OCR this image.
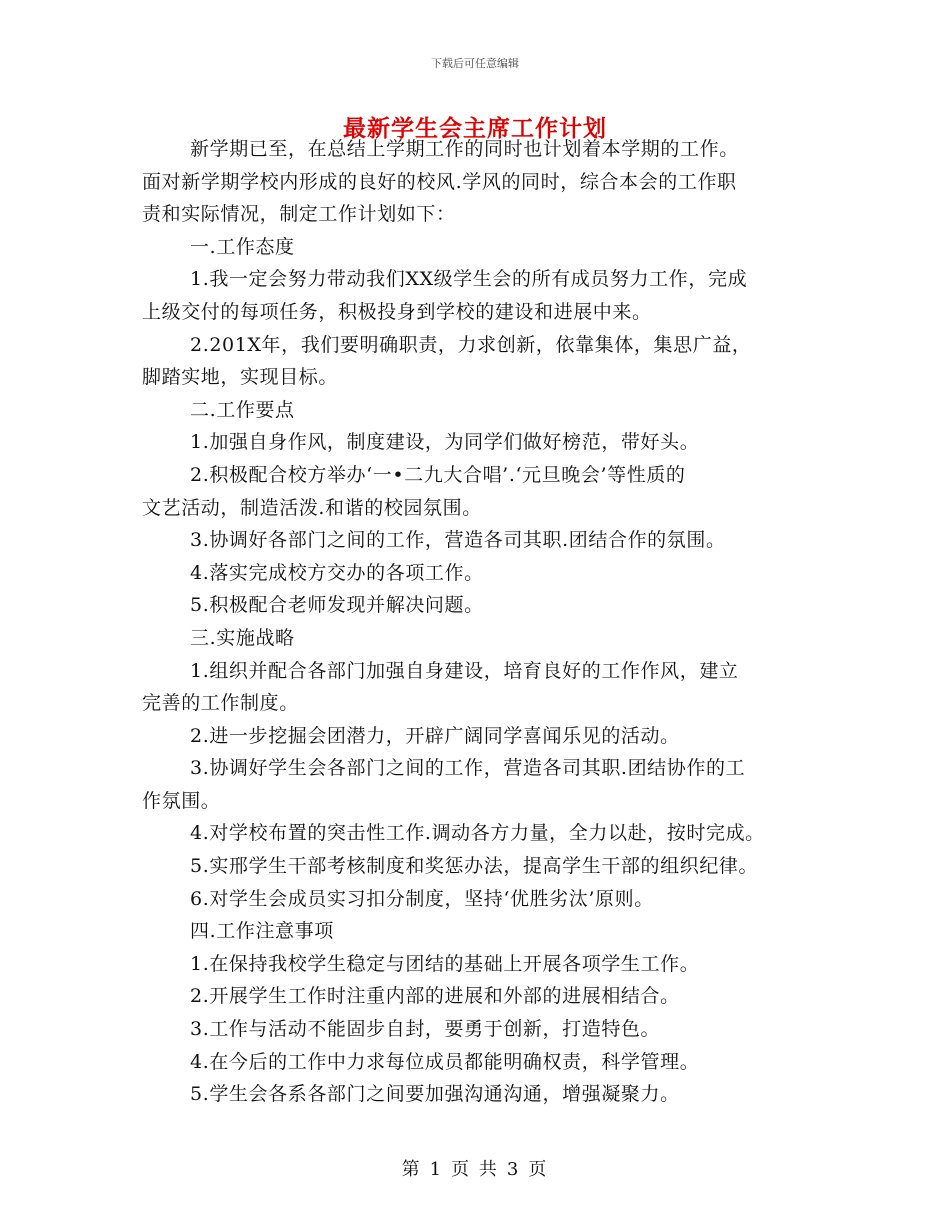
下载后可任意编辑
最新学生会主席工作计划
新学期已至，在总结上学期工作的同时也计划着本学期的工作。
面对新学期学校内形成的良好的校风.学风的同时，综合本会的工作职
责和实际情况，制定工作计划如下：
一.工作态度
1.我一定会努力带动我们XX级学生会的所有成员努力工作，完成
上级交付的每项任务，积极投身到学校的建设和进展中来。
2.201X年，我们要明确职责，力求创新，依靠集体，集思广益，
脚踏实地，实现目标。
二.工作要点
1.加强自身作风，制度建设，为同学们做好榜范，带好头。
2.积极配合校方举办‘一•二九大合唱’.‘元旦晚会’等性质的
文艺活动，制造活泼.和谐的校园氛围。
3.协调好各部门之间的工作，营造各司其职.团结合作的氛围。
4.落实完成校方交办的各项工作。
5.积极配合老师发现并解决问题。
三.实施战略
1.组织并配合各部门加强自身建设，培育良好的工作作风，建立
完善的工作制度。
2.进一步挖掘会团潜力，开辟广阔同学喜闻乐见的活动。
3.协调好学生会各部门之间的工作，营造各司其职.团结协作的工
作氛围。
4.对学校布置的突击性工作.调动各方力量，全力以赴，按时完成。
5.实邢学生干部考核制度和奖惩办法，提高学生干部的组织纪律。
6.对学生会成员实习扣分制度，坚持‘优胜劣汰’原则。
四.工作注意事项
1.在保持我校学生稳定与团结的基础上开展各项学生工作。
2.开展学生工作时注重内部的进展和外部的进展相结合。
3.工作与活动不能固步自封，要勇于创新，打造特色。
4.在今后的工作中力求每位成员都能明确权责，科学管理。
5.学生会各系各部门之间要加强沟通沟通，增强凝聚力。
第 1 页 共 3 页
